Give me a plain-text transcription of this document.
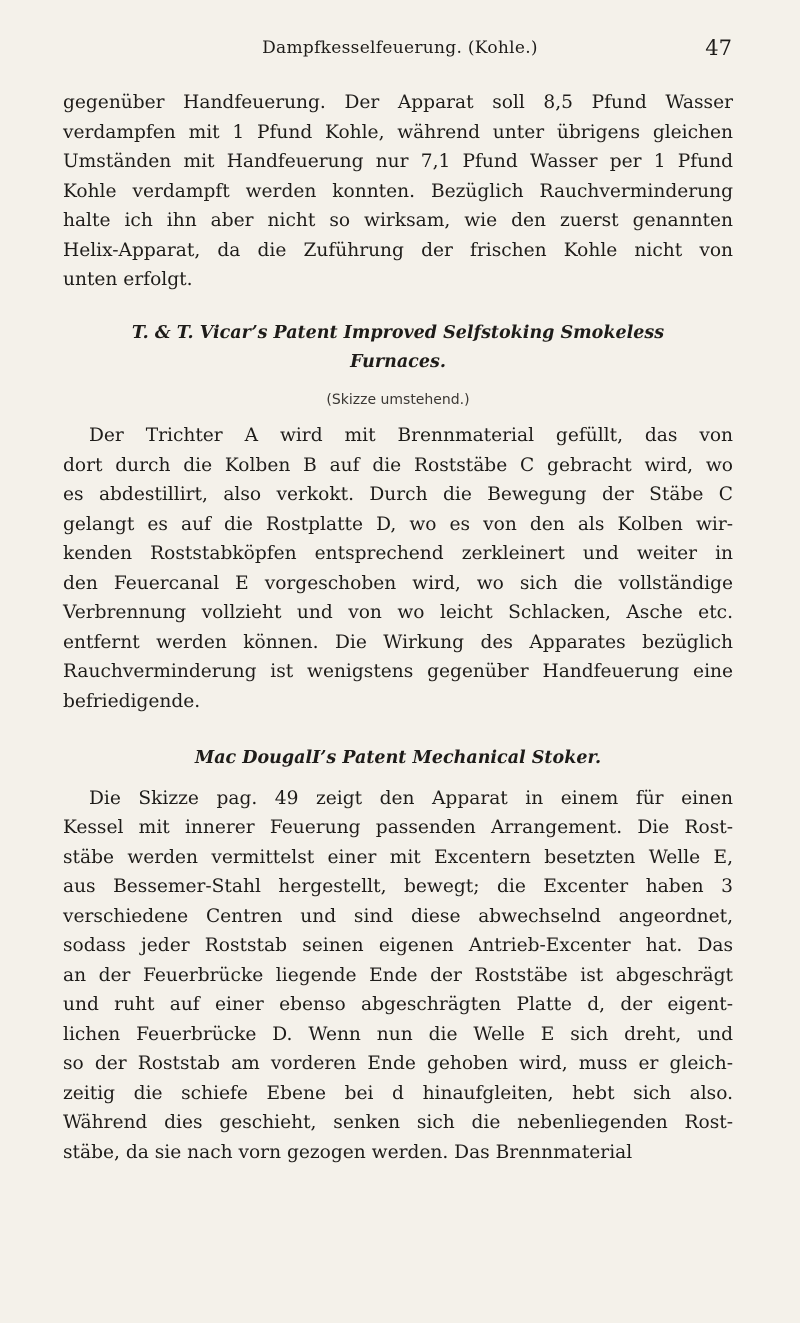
Dampfkesselfeuerung. (Kohle.)	47
gegenüber Handfeuerung. Der Apparat soll 8,5 Pfund Wasser
verdampfen mit 1 Pfund Kohle, während unter übrigens gleichen
Umständen mit Handfeuerung nur 7,1 Pfund Wasser per 1 Pfund
Kohle verdampft werden konnten. Bezüglich Rauchverminderung
halte ich ihn aber nicht so wirksam, wie den zuerst genannten
Helix-Apparat, da die Zuführung der frischen Kohle nicht von
unten erfolgt.
T. & T. Vicar’s Patent Improved Selfstoking Smokeless
Furnaces.
(Skizze umstehend.)
Der Trichter A wird mit Brennmaterial gefüllt, das von
dort durch die Kolben B auf die Roststäbe C gebracht wird, wo
es abdestillirt, also verkokt. Durch die Bewegung der Stäbe C
gelangt es auf die Rostplatte D, wo es von den als Kolben wir-
kenden Roststabköpfen entsprechend zerkleinert und weiter in
den Feuercanal E vorgeschoben wird, wo sich die vollständige
Verbrennung vollzieht und von wo leicht Schlacken, Asche etc.
entfernt werden können. Die Wirkung des Apparates bezüglich
Rauchverminderung ist wenigstens gegenüber Handfeuerung eine
befriedigende.
Mac DougalI’s Patent Mechanical Stoker.
Die Skizze pag. 49 zeigt den Apparat in einem für einen
Kessel mit innerer Feuerung passenden Arrangement. Die Rost-
stäbe werden vermittelst einer mit Excentern besetzten Welle E,
aus Bessemer-Stahl hergestellt, bewegt; die Excenter haben 3
verschiedene Centren und sind diese abwechselnd angeordnet,
sodass jeder Roststab seinen eigenen Antrieb-Excenter hat. Das
an der Feuerbrücke liegende Ende der Roststäbe ist abgeschrägt
und ruht auf einer ebenso abgeschrägten Platte d, der eigent-
lichen Feuerbrücke D. Wenn nun die Welle E sich dreht, und
so der Roststab am vorderen Ende gehoben wird, muss er gleich-
zeitig die schiefe Ebene bei d hinaufgleiten, hebt sich also.
Während dies geschieht, senken sich die nebenliegenden Rost-
stäbe, da sie nach vorn gezogen werden. Das Brennmaterial
